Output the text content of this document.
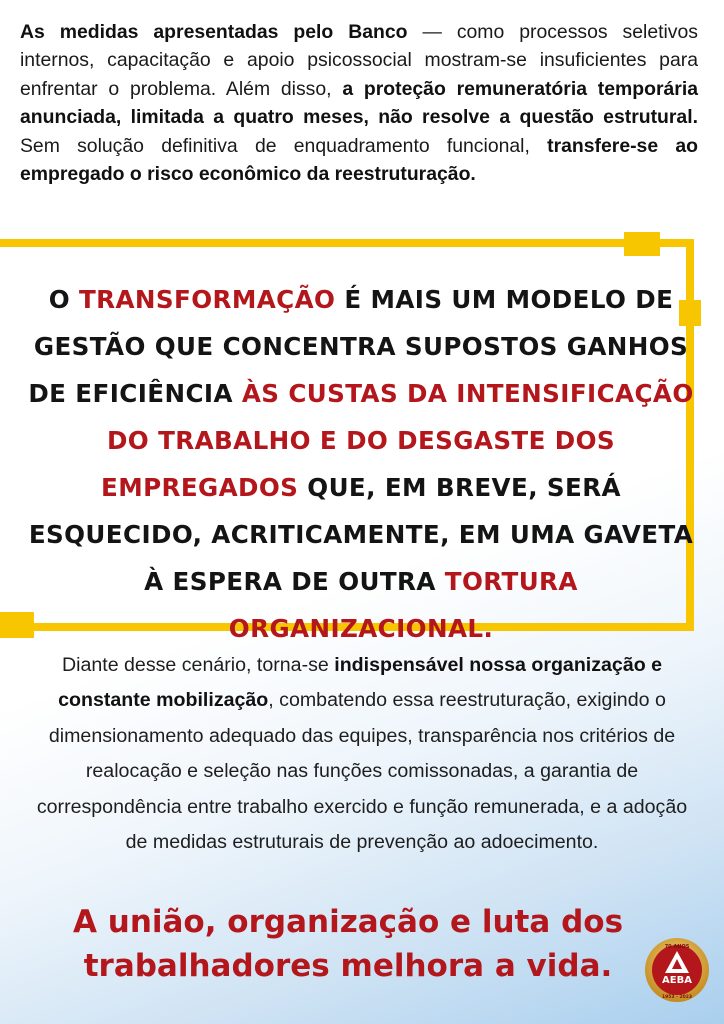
As medidas apresentadas pelo Banco — como processos seletivos internos, capacitação e apoio psicossocial mostram-se insuficientes para enfrentar o problema. Além disso, a proteção remuneratória temporária anunciada, limitada a quatro meses, não resolve a questão estrutural. Sem solução definitiva de enquadramento funcional, transfere-se ao empregado o risco econômico da reestruturação.
O TRANSFORMAÇÃO É MAIS UM MODELO DE GESTÃO QUE CONCENTRA SUPOSTOS GANHOS DE EFICIÊNCIA ÀS CUSTAS DA INTENSIFICAÇÃO DO TRABALHO E DO DESGASTE DOS EMPREGADOS QUE, EM BREVE, SERÁ ESQUECIDO, ACRITICAMENTE, EM UMA GAVETA À ESPERA DE OUTRA TORTURA ORGANIZACIONAL.
Diante desse cenário, torna-se indispensável nossa organização e constante mobilização, combatendo essa reestruturação, exigindo o dimensionamento adequado das equipes, transparência nos critérios de realocação e seleção nas funções comissonadas, a garantia de correspondência entre trabalho exercido e função remunerada, e a adoção de medidas estruturais de prevenção ao adoecimento.
A união, organização e luta dos
trabalhadores melhora a vida.
70 ANOS
AEBA
1953 - 2023
